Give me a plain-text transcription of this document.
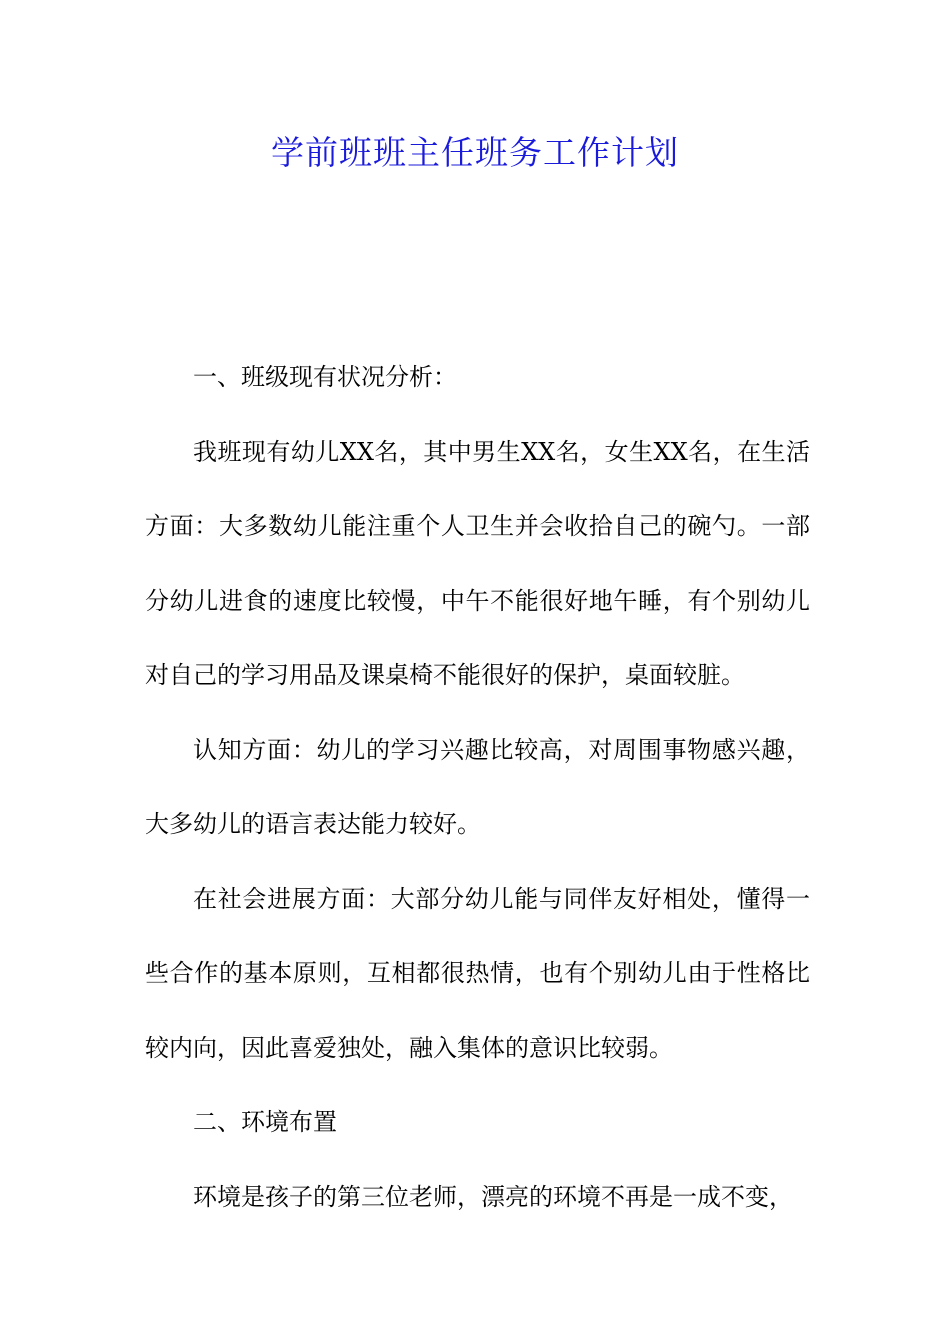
学前班班主任班务工作计划

一、班级现有状况分析：

我班现有幼儿XX名，其中男生XX名，女生XX名，在生活方面：大多数幼儿能注重个人卫生并会收拾自己的碗勺。一部分幼儿进食的速度比较慢，中午不能很好地午睡，有个别幼儿对自己的学习用品及课桌椅不能很好的保护，桌面较脏。

认知方面：幼儿的学习兴趣比较高，对周围事物感兴趣，大多幼儿的语言表达能力较好。

在社会进展方面：大部分幼儿能与同伴友好相处，懂得一些合作的基本原则，互相都很热情，也有个别幼儿由于性格比较内向，因此喜爱独处，融入集体的意识比较弱。

二、环境布置

环境是孩子的第三位老师，漂亮的环境不再是一成不变，
